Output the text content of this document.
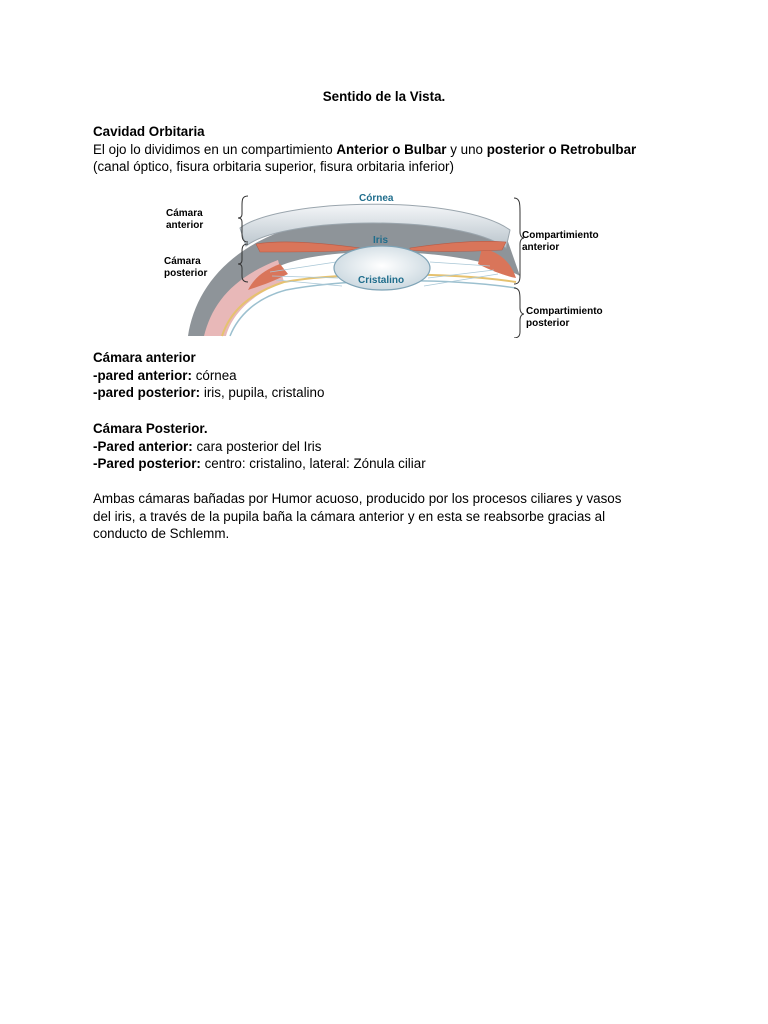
Sentido de la Vista.

Cavidad Orbitaria

El ojo lo dividimos en un compartimiento Anterior o Bulbar y uno posterior o Retrobulbar

(canal óptico, fisura orbitaria superior, fisura orbitaria inferior)

Cámara
anterior
Cámara
posterior
Córnea
Iris
Cristalino
Compartimiento
anterior
Compartimiento
posterior

Cámara anterior

-pared anterior: córnea

-pared posterior: iris, pupila, cristalino

Cámara Posterior.

-Pared anterior: cara posterior del Iris

-Pared posterior: centro: cristalino, lateral: Zónula ciliar

Ambas cámaras bañadas por Humor acuoso, producido por los procesos ciliares y vasos

del iris, a través de la pupila baña la cámara anterior y en esta se reabsorbe gracias al

conducto de Schlemm.
